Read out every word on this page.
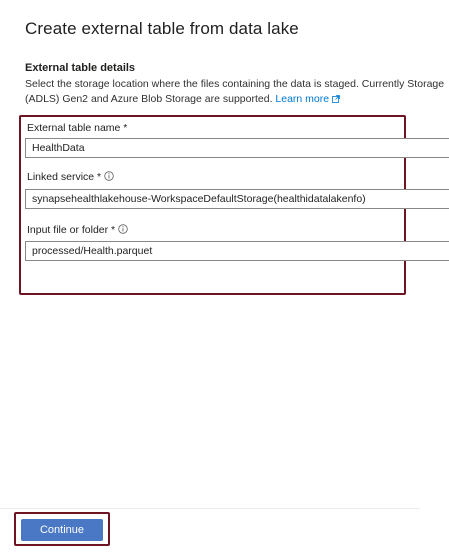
Create external table from data lake
External table details
Select the storage location where the files containing the data is staged. Currently Storage (ADLS) Gen2 and Azure Blob Storage are supported. Learn more
External table name *
HealthData
Linked service *
synapsehealthlakehouse-WorkspaceDefaultStorage(healthidatalakenfo)
Input file or folder *
processed/Health.parquet
Continue
